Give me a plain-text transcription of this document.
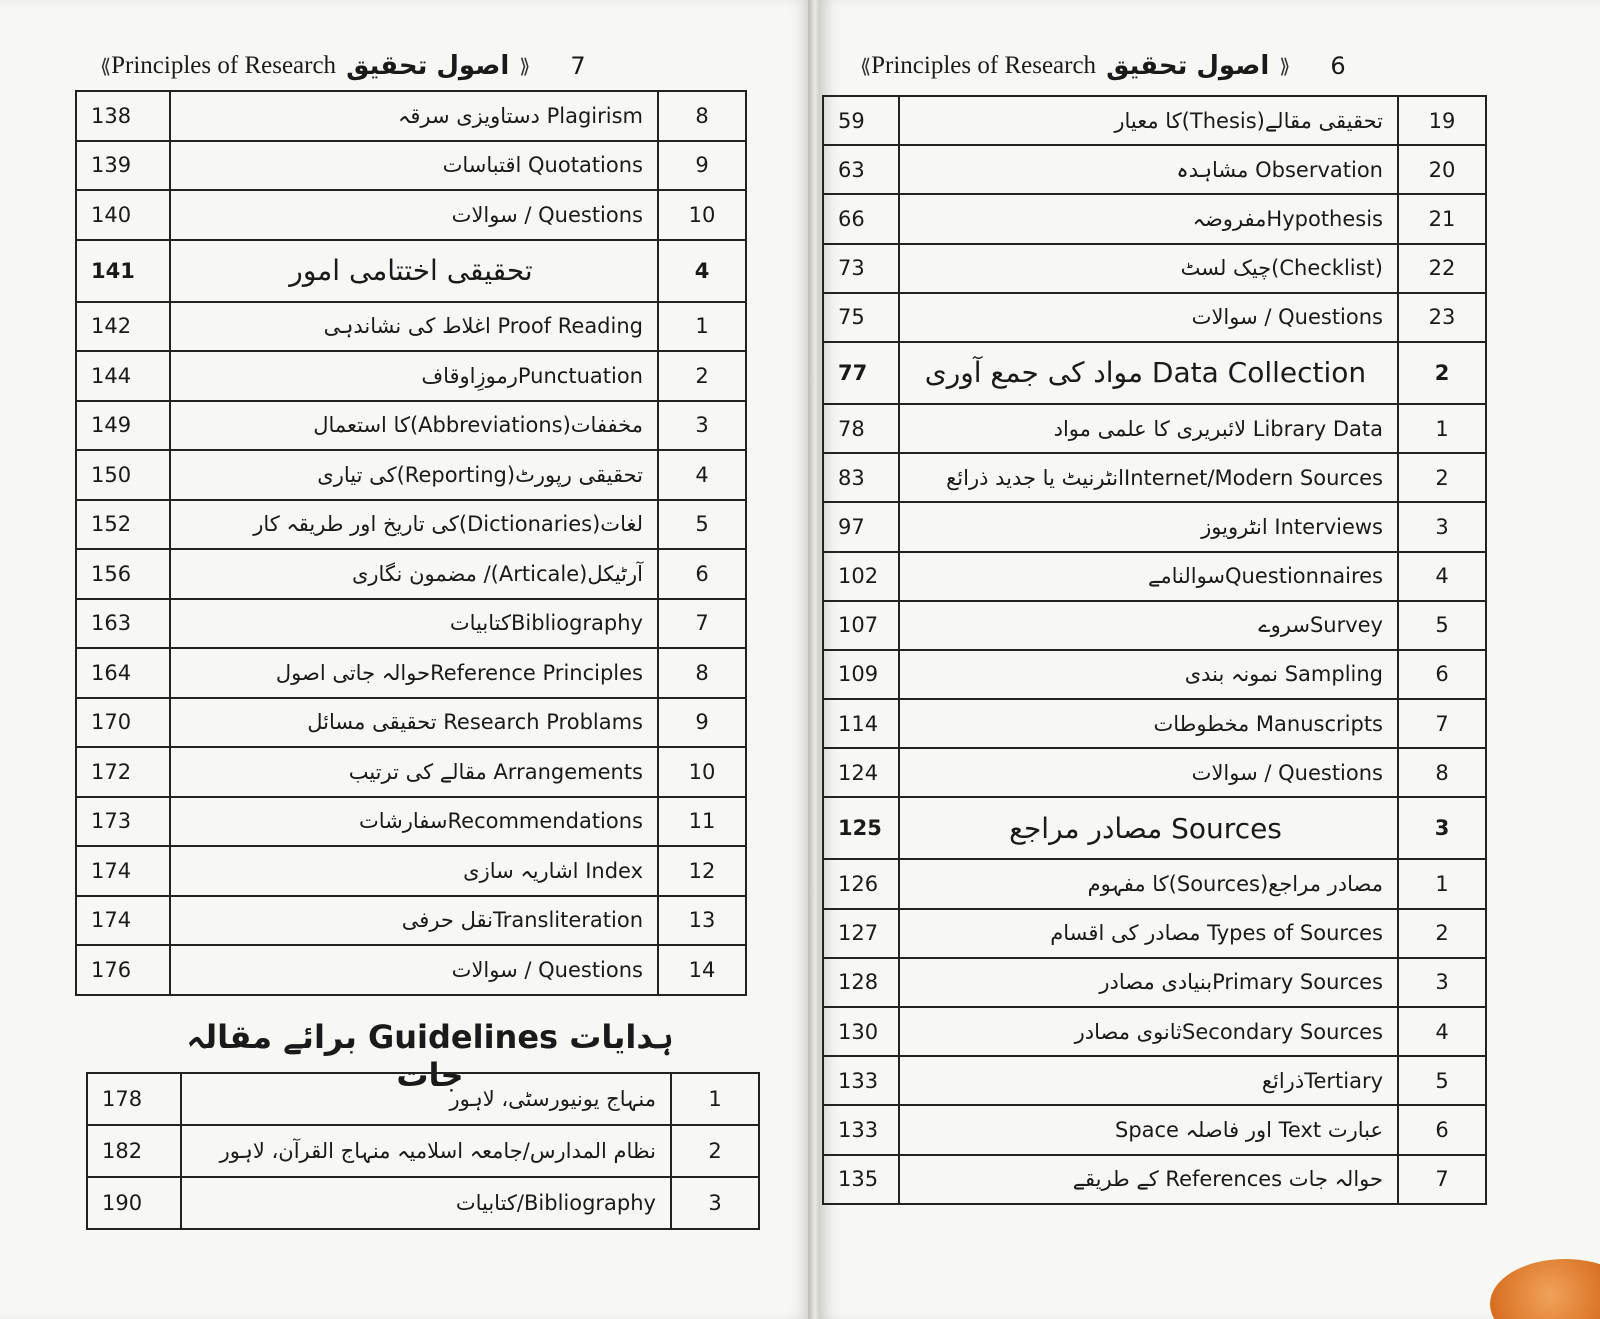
⟪ Principles of Research اصول تحقیق ⟫ 7
138	Plagirism دستاویزی سرقہ	8
139	Quotations اقتباسات	9
140	Questions / سوالات	10
141	تحقیقی اختتامی امور	4
142	Proof Reading اغلاط کی نشاندہی	1
144	Punctuationرموزِاوقاف	2
149	مخففات(Abbreviations)کا استعمال	3
150	تحقیقی رپورٹ(Reporting)کی تیاری	4
152	لغات(Dictionaries)کی تاریخ اور طریقہ کار	5
156	آرٹیکل(Articale)/ مضمون نگاری	6
163	Bibliographyکتابیات	7
164	Reference Principlesحوالہ جاتی اصول	8
170	Research Problams تحقیقی مسائل	9
172	Arrangements مقالے کی ترتیب	10
173	Recommendationsسفارشات	11
174	Index اشاریہ سازی	12
174	Transliterationنقل حرفی	13
176	Questions / سوالات	14
ہدایات Guidelines برائے مقالہ جات
178	منہاج یونیورسٹی، لاہور	1
182	نظام المدارس/جامعہ اسلامیہ منہاج القرآن، لاہور	2
190	Bibliography/کتابیات	3
⟪ Principles of Research اصول تحقیق ⟫ 6
59	تحقیقی مقالے(Thesis)کا معیار	19
63	Observation مشاہدہ	20
66	Hypothesisمفروضہ	21
73	(Checklist)چیک لسٹ	22
75	Questions / سوالات	23
77	Data Collection مواد کی جمع آوری	2
78	Library Data لائبریری کا علمی مواد	1
83	Internet/Modern Sourcesانٹرنیٹ یا جدید ذرائع	2
97	Interviews انٹرویوز	3
102	Questionnairesسوالنامے	4
107	Surveyسروے	5
109	Sampling نمونہ بندی	6
114	Manuscripts مخطوطات	7
124	Questions / سوالات	8
125	Sources مصادر مراجع	3
126	مصادر مراجع(Sources)کا مفہوم	1
127	Types of Sources مصادر کی اقسام	2
128	Primary Sourcesبنیادی مصادر	3
130	Secondary Sourcesثانوی مصادر	4
133	Tertiaryذرائع	5
133	عبارت Text اور فاصلہ Space	6
135	حوالہ جات References کے طریقے	7
